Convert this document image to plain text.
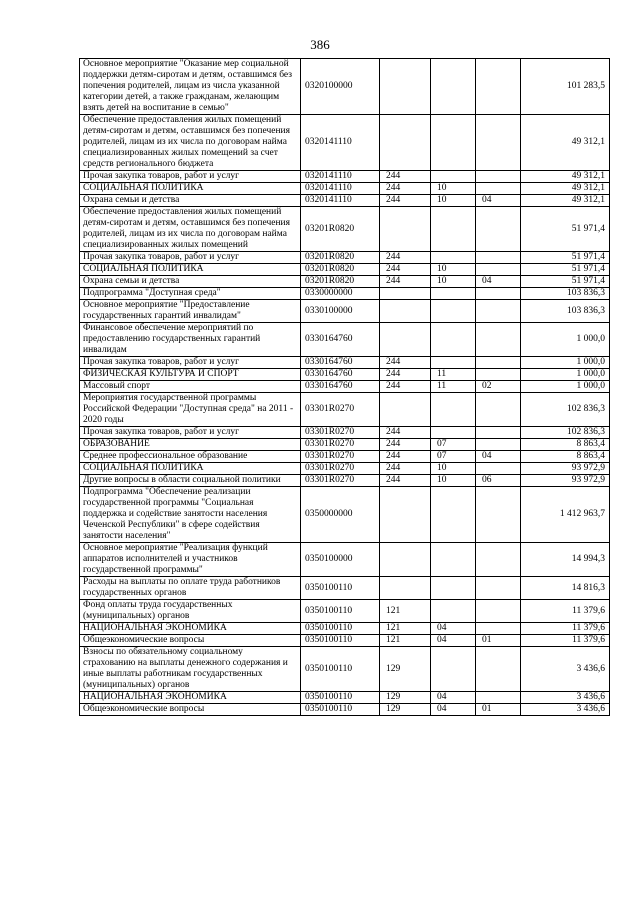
386
Основное мероприятие "Оказание мер социальной поддержки детям-сиротам и детям, оставшимся без попечения родителей, лицам из числа указанной категории детей, а также гражданам, желающим взять детей на воспитание в семью"	0320100000				101 283,5
Обеспечение предоставления жилых помещений детям-сиротам и детям, оставшимся без попечения родителей, лицам из их числа по договорам найма специализированных жилых помещений за счет средств регионального бюджета	0320141110				49 312,1
Прочая закупка товаров, работ и услуг	0320141110	244			49 312,1
СОЦИАЛЬНАЯ ПОЛИТИКА	0320141110	244	10		49 312,1
Охрана семьи и детства	0320141110	244	10	04	49 312,1
Обеспечение предоставления жилых помещений детям-сиротам и детям, оставшимся без попечения родителей, лицам из их числа по договорам найма специализированных жилых помещений	03201R0820				51 971,4
Прочая закупка товаров, работ и услуг	03201R0820	244			51 971,4
СОЦИАЛЬНАЯ ПОЛИТИКА	03201R0820	244	10		51 971,4
Охрана семьи и детства	03201R0820	244	10	04	51 971,4
Подпрограмма "Доступная среда"	0330000000				103 836,3
Основное мероприятие "Предоставление государственных гарантий инвалидам"	0330100000				103 836,3
Финансовое обеспечение мероприятий по предоставлению государственных гарантий инвалидам	0330164760				1 000,0
Прочая закупка товаров, работ и услуг	0330164760	244			1 000,0
ФИЗИЧЕСКАЯ КУЛЬТУРА И СПОРТ	0330164760	244	11		1 000,0
Массовый спорт	0330164760	244	11	02	1 000,0
Мероприятия государственной программы Российской Федерации "Доступная среда" на 2011 - 2020 годы	03301R0270				102 836,3
Прочая закупка товаров, работ и услуг	03301R0270	244			102 836,3
ОБРАЗОВАНИЕ	03301R0270	244	07		8 863,4
Среднее профессиональное образование	03301R0270	244	07	04	8 863,4
СОЦИАЛЬНАЯ ПОЛИТИКА	03301R0270	244	10		93 972,9
Другие вопросы в области социальной политики	03301R0270	244	10	06	93 972,9
Подпрограмма "Обеспечение реализации государственной программы "Социальная поддержка и содействие занятости населения Чеченской Республики" в сфере содействия занятости населения"	0350000000				1 412 963,7
Основное мероприятие "Реализация функций аппаратов исполнителей и участников государственной программы"	0350100000				14 994,3
Расходы на выплаты по оплате труда работников государственных органов	0350100110				14 816,3
Фонд оплаты труда государственных (муниципальных) органов	0350100110	121			11 379,6
НАЦИОНАЛЬНАЯ ЭКОНОМИКА	0350100110	121	04		11 379,6
Общеэкономические вопросы	0350100110	121	04	01	11 379,6
Взносы по обязательному социальному страхованию на выплаты денежного содержания и иные выплаты работникам государственных (муниципальных) органов	0350100110	129			3 436,6
НАЦИОНАЛЬНАЯ ЭКОНОМИКА	0350100110	129	04		3 436,6
Общеэкономические вопросы	0350100110	129	04	01	3 436,6
